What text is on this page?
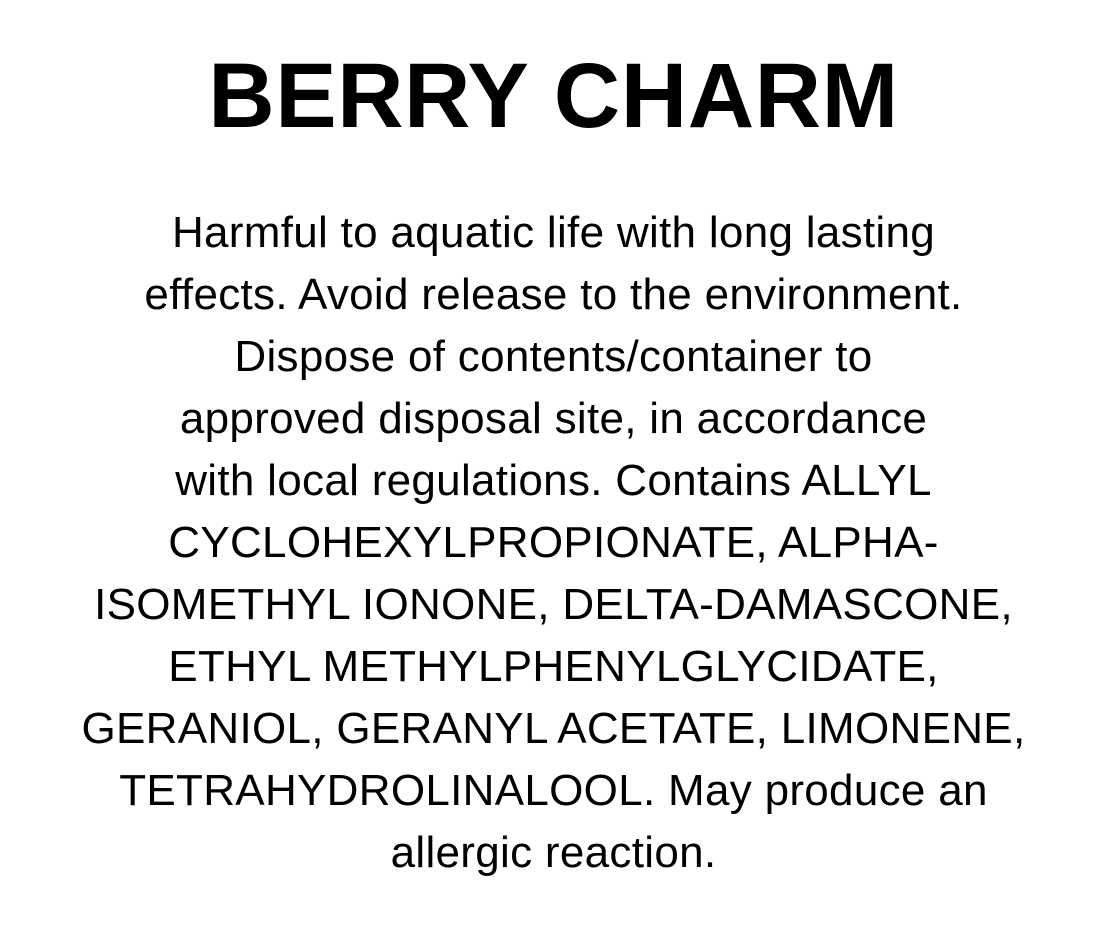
BERRY CHARM
Harmful to aquatic life with long lasting
effects. Avoid release to the environment.
Dispose of contents/container to
approved disposal site, in accordance
with local regulations. Contains ALLYL
CYCLOHEXYLPROPIONATE, ALPHA-
ISOMETHYL IONONE, DELTA-DAMASCONE,
ETHYL METHYLPHENYLGLYCIDATE,
GERANIOL, GERANYL ACETATE, LIMONENE,
TETRAHYDROLINALOOL. May produce an
allergic reaction.
